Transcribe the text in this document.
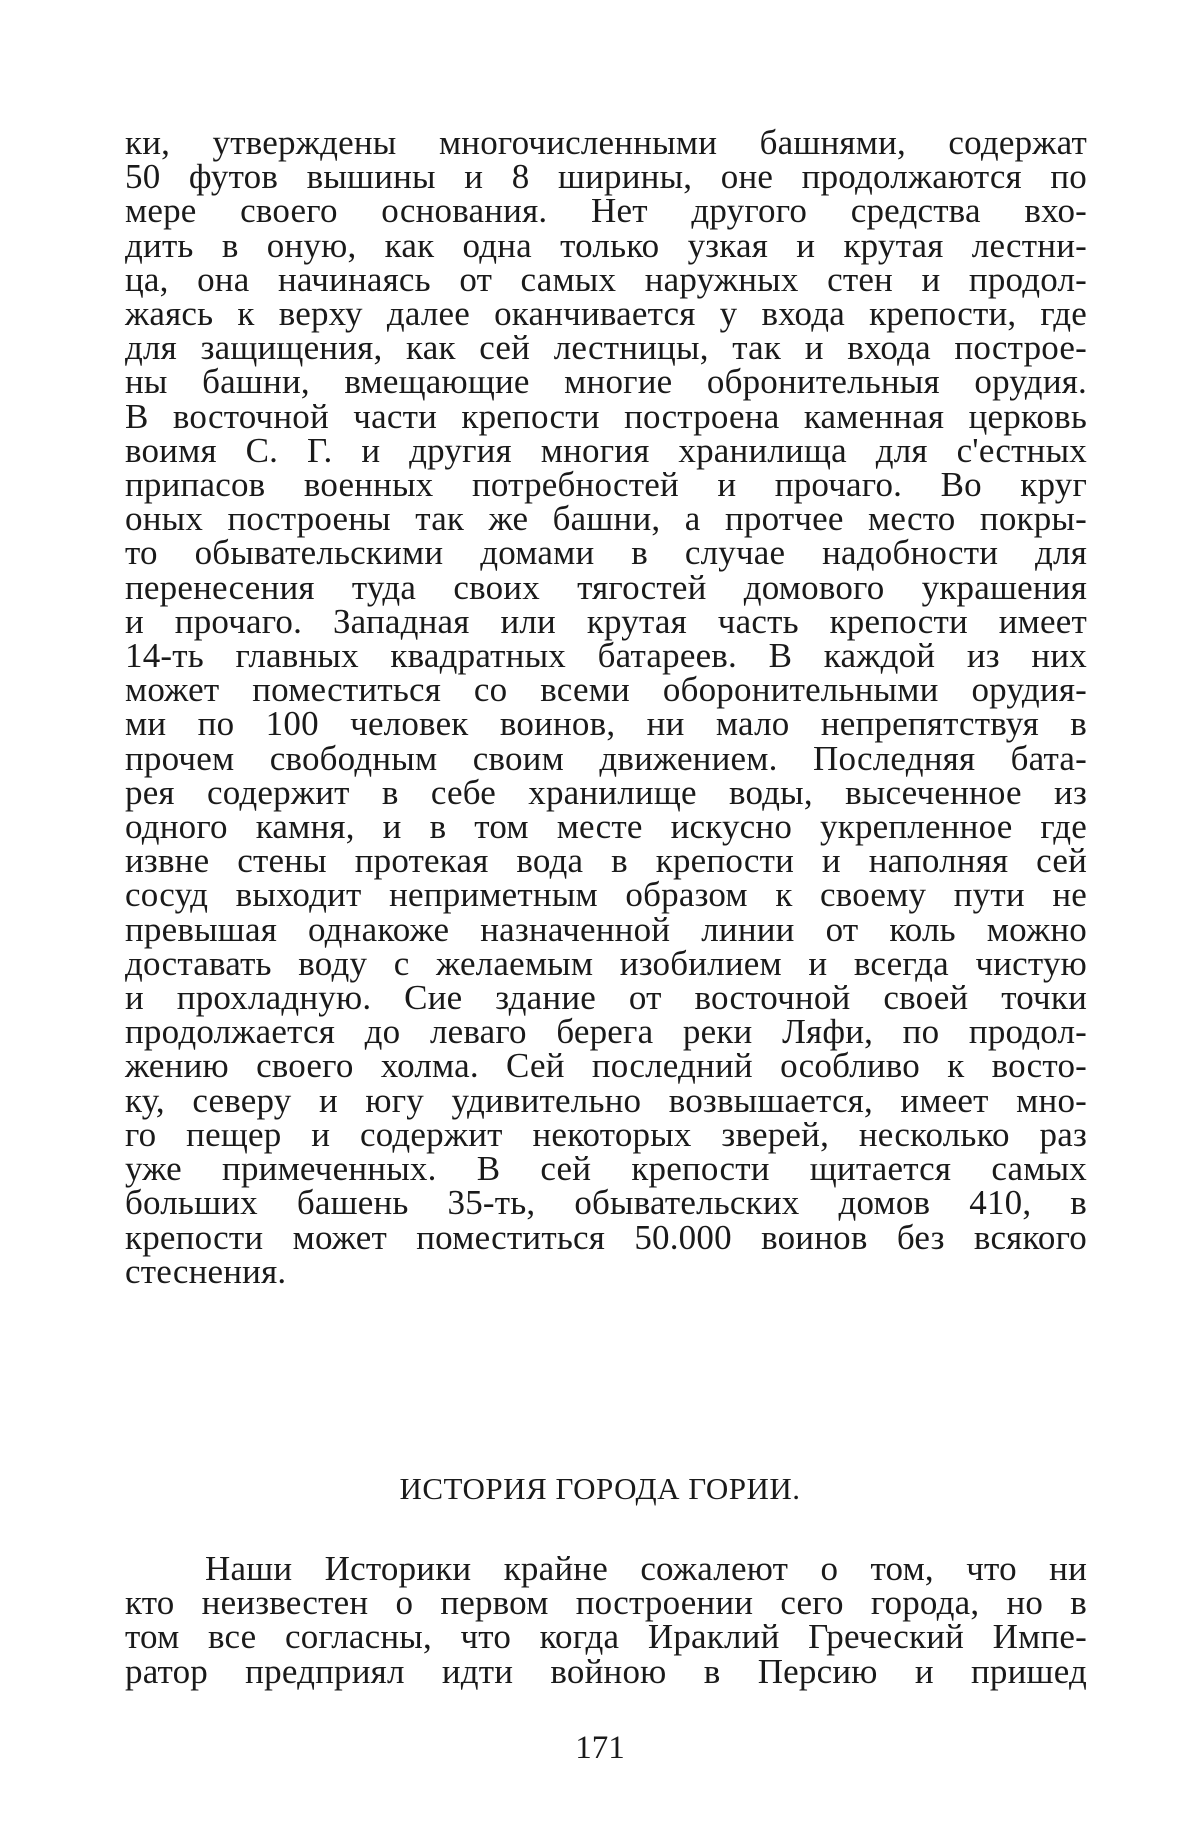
ки, утверждены многочисленными башнями, содержат
50 футов вышины и 8 ширины, оне продолжаются по
мере своего основания. Нет другого средства вхо-
дить в оную, как одна только узкая и крутая лестни-
ца, она начинаясь от самых наружных стен и продол-
жаясь к верху далее оканчивается у входа крепости, где
для защищения, как сей лестницы, так и входа построе-
ны башни, вмещающие многие обронительныя орудия.
В восточной части крепости построена каменная церковь
воимя С. Г. и другия многия хранилища для с'естных
припасов военных потребностей и прочаго. Во круг
оных построены так же башни, а протчее место покры-
то обывательскими домами в случае надобности для
перенесения туда своих тягостей домового украшения
и прочаго. Западная или крутая часть крепости имеет
14-ть главных квадратных батареев. В каждой из них
может поместиться со всеми оборонительными орудия-
ми по 100 человек воинов, ни мало непрепятствуя в
прочем свободным своим движением. Последняя бата-
рея содержит в себе хранилище воды, высеченное из
одного камня, и в том месте искусно укрепленное где
извне стены протекая вода в крепости и наполняя сей
сосуд выходит неприметным образом к своему пути не
превышая однакоже назначенной линии от коль можно
доставать воду с желаемым изобилием и всегда чистую
и прохладную. Сие здание от восточной своей точки
продолжается до леваго берега реки Ляфи, по продол-
жению своего холма. Сей последний особливо к восто-
ку, северу и югу удивительно возвышается, имеет мно-
го пещер и содержит некоторых зверей, несколько раз
уже примеченных. В сей крепости щитается самых
больших башень 35-ть, обывательских домов 410, в
крепости может поместиться 50.000 воинов без всякого
стеснения.
ИСТОРИЯ ГОРОДА ГОРИИ.
Наши Историки крайне сожалеют о том, что ни
кто неизвестен о первом построении сего города, но в
том все согласны, что когда Ираклий Греческий Импе-
ратор предприял идти войною в Персию и пришед
171
